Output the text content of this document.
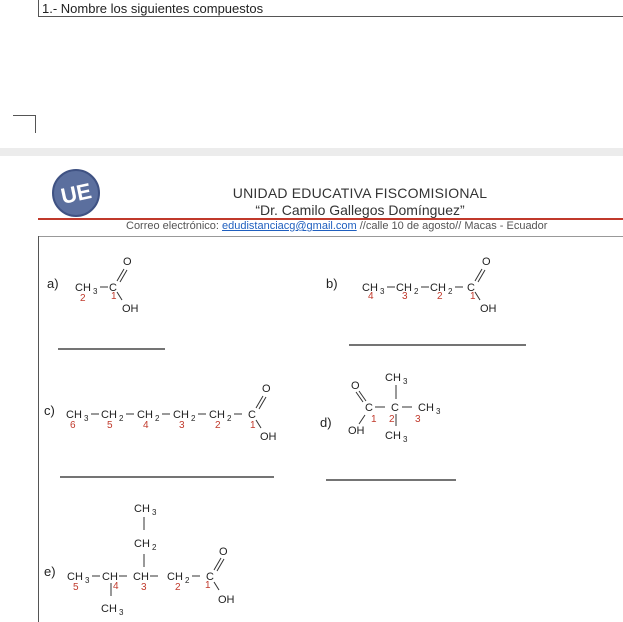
1.- Nombre los siguientes compuestos
UE	UNIDAD EDUCATIVA FISCOMISIONAL
“Dr. Camilo Gallegos Domínguez”
Correo electrónico: edudistanciacg@gmail.com //calle 10 de agosto// Macas - Ecuador
a) CH 3 C
O
OH
2	1
b) CH 3 CH 2 CH 2 C
O
OH
4	3	2	1
c) CH 3 CH 2 CH 2 CH 2 CH 2 C
O
OH
6	5	4	3	2	1	d)
O
C C CH 3
CH 3
CH 3
OH
1 2 3
e) CH 3 CH CH CH 2 C
O
OH
CH 3
CH 2
CH 3
5	4 3	2 1
